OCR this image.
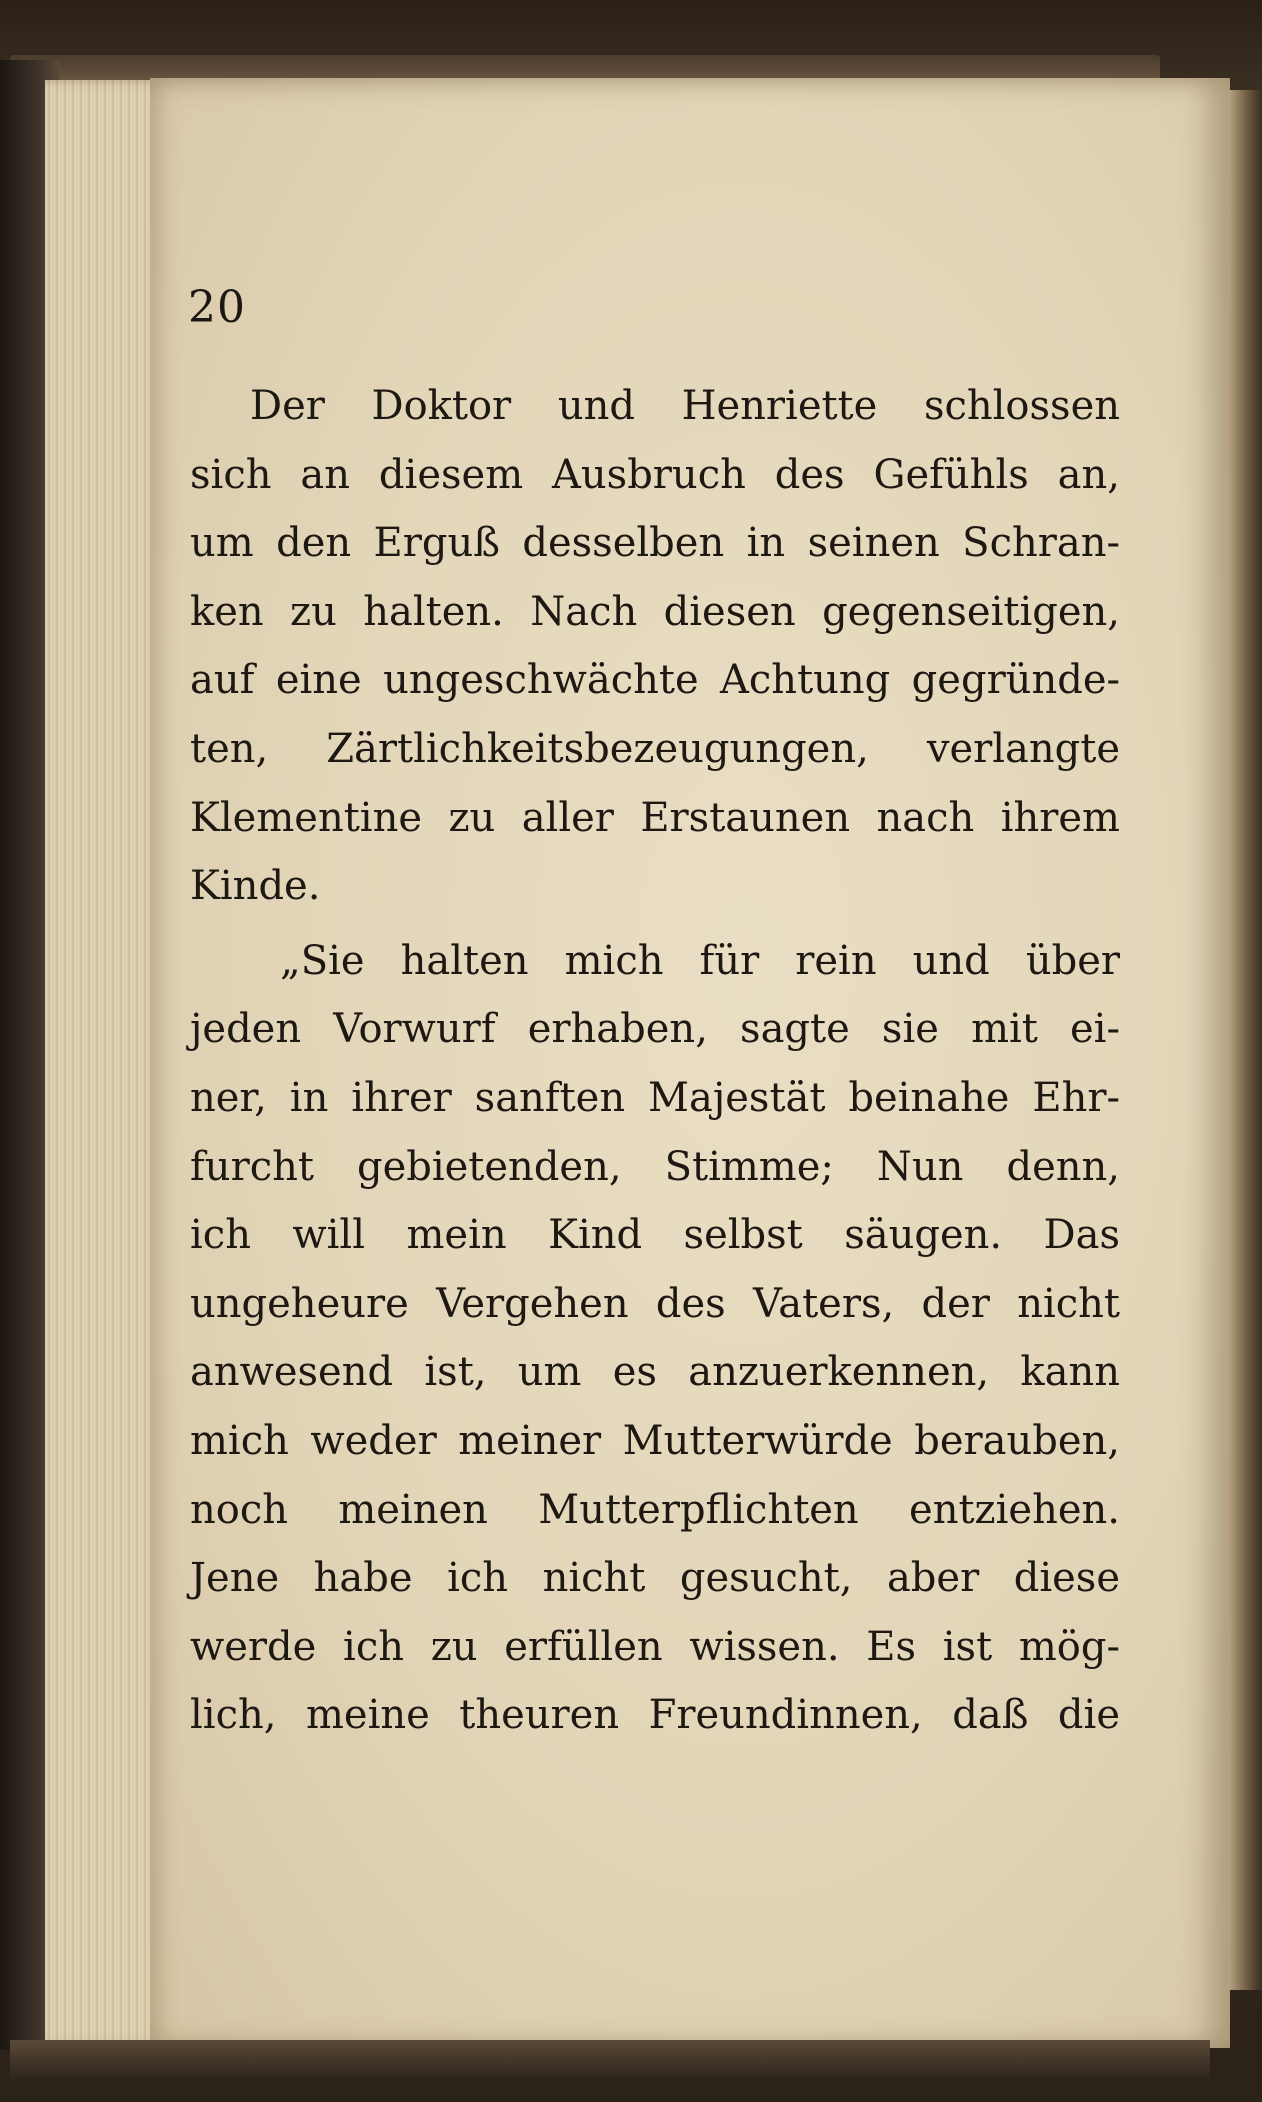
20
Der Doktor und Henriette schlossen
sich an diesem Ausbruch des Gefühls an,
um den Erguß desselben in seinen Schran-
ken zu halten. Nach diesen gegenseitigen,
auf eine ungeschwächte Achtung gegründe-
ten, Zärtlichkeitsbezeugungen, verlangte
Klementine zu aller Erstaunen nach ihrem
Kinde.
„Sie halten mich für rein und über
jeden Vorwurf erhaben, sagte sie mit ei-
ner, in ihrer sanften Majestät beinahe Ehr-
furcht gebietenden, Stimme; Nun denn,
ich will mein Kind selbst säugen. Das
ungeheure Vergehen des Vaters, der nicht
anwesend ist, um es anzuerkennen, kann
mich weder meiner Mutterwürde berauben,
noch meinen Mutterpflichten entziehen.
Jene habe ich nicht gesucht, aber diese
werde ich zu erfüllen wissen. Es ist mög-
lich, meine theuren Freundinnen, daß die
